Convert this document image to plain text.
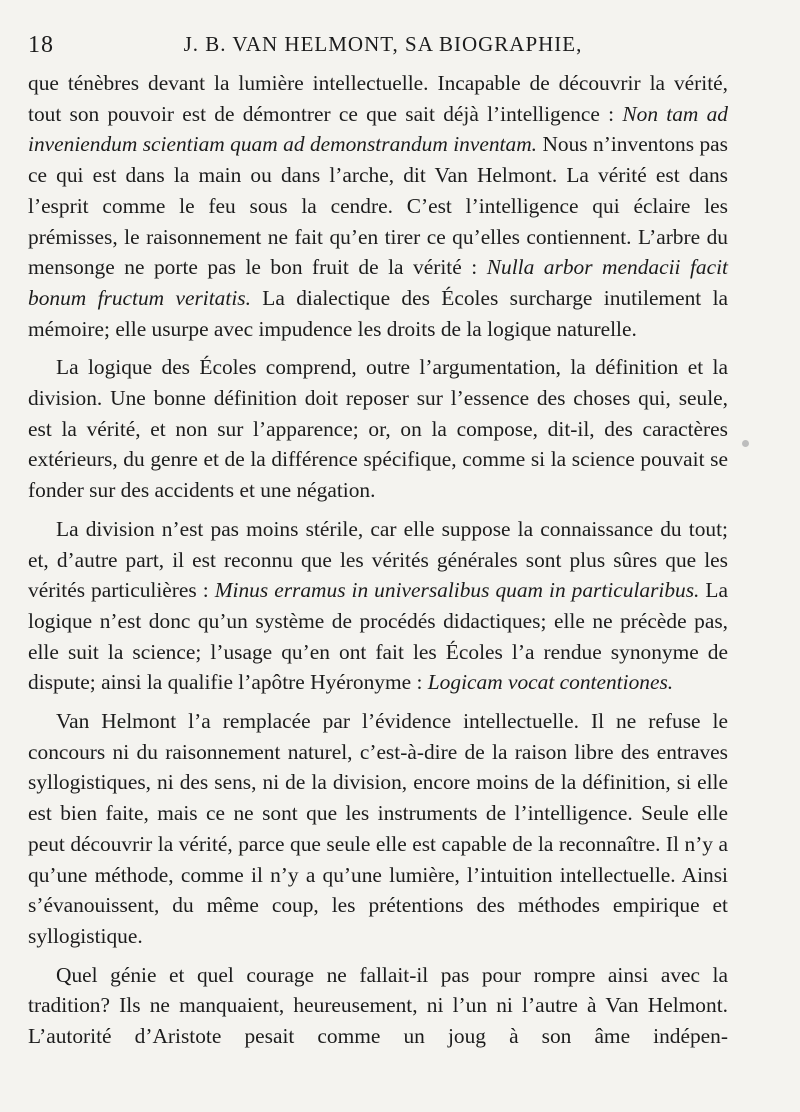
18	J. B. VAN HELMONT, SA BIOGRAPHIE,

que ténèbres devant la lumière intellectuelle. Incapable de découvrir la vérité, tout son pouvoir est de démontrer ce que sait déjà l’intelligence : Non tam ad inveniendum scientiam quam ad demonstrandum inventam. Nous n’inventons pas ce qui est dans la main ou dans l’arche, dit Van Helmont. La vérité est dans l’esprit comme le feu sous la cendre. C’est l’intelligence qui éclaire les prémisses, le raisonnement ne fait qu’en tirer ce qu’elles contiennent. L’arbre du mensonge ne porte pas le bon fruit de la vérité : Nulla arbor mendacii facit bonum fructum veritatis. La dialectique des Écoles surcharge inutilement la mémoire; elle usurpe avec impudence les droits de la logique naturelle.

La logique des Écoles comprend, outre l’argumentation, la définition et la division. Une bonne définition doit reposer sur l’essence des choses qui, seule, est la vérité, et non sur l’apparence; or, on la compose, dit-il, des caractères extérieurs, du genre et de la différence spécifique, comme si la science pouvait se fonder sur des accidents et une négation.

La division n’est pas moins stérile, car elle suppose la connaissance du tout; et, d’autre part, il est reconnu que les vérités générales sont plus sûres que les vérités particulières : Minus erramus in universalibus quam in particularibus. La logique n’est donc qu’un système de procédés didactiques; elle ne précède pas, elle suit la science; l’usage qu’en ont fait les Écoles l’a rendue synonyme de dispute; ainsi la qualifie l’apôtre Hyéronyme : Logicam vocat contentiones.

Van Helmont l’a remplacée par l’évidence intellectuelle. Il ne refuse le concours ni du raisonnement naturel, c’est-à-dire de la raison libre des entraves syllogistiques, ni des sens, ni de la division, encore moins de la définition, si elle est bien faite, mais ce ne sont que les instruments de l’intelligence. Seule elle peut découvrir la vérité, parce que seule elle est capable de la reconnaître. Il n’y a qu’une méthode, comme il n’y a qu’une lumière, l’intuition intellectuelle. Ainsi s’évanouissent, du même coup, les prétentions des méthodes empirique et syllogistique.

Quel génie et quel courage ne fallait-il pas pour rompre ainsi avec la tradition? Ils ne manquaient, heureusement, ni l’un ni l’autre à Van Helmont. L’autorité d’Aristote pesait comme un joug à son âme indépen-
